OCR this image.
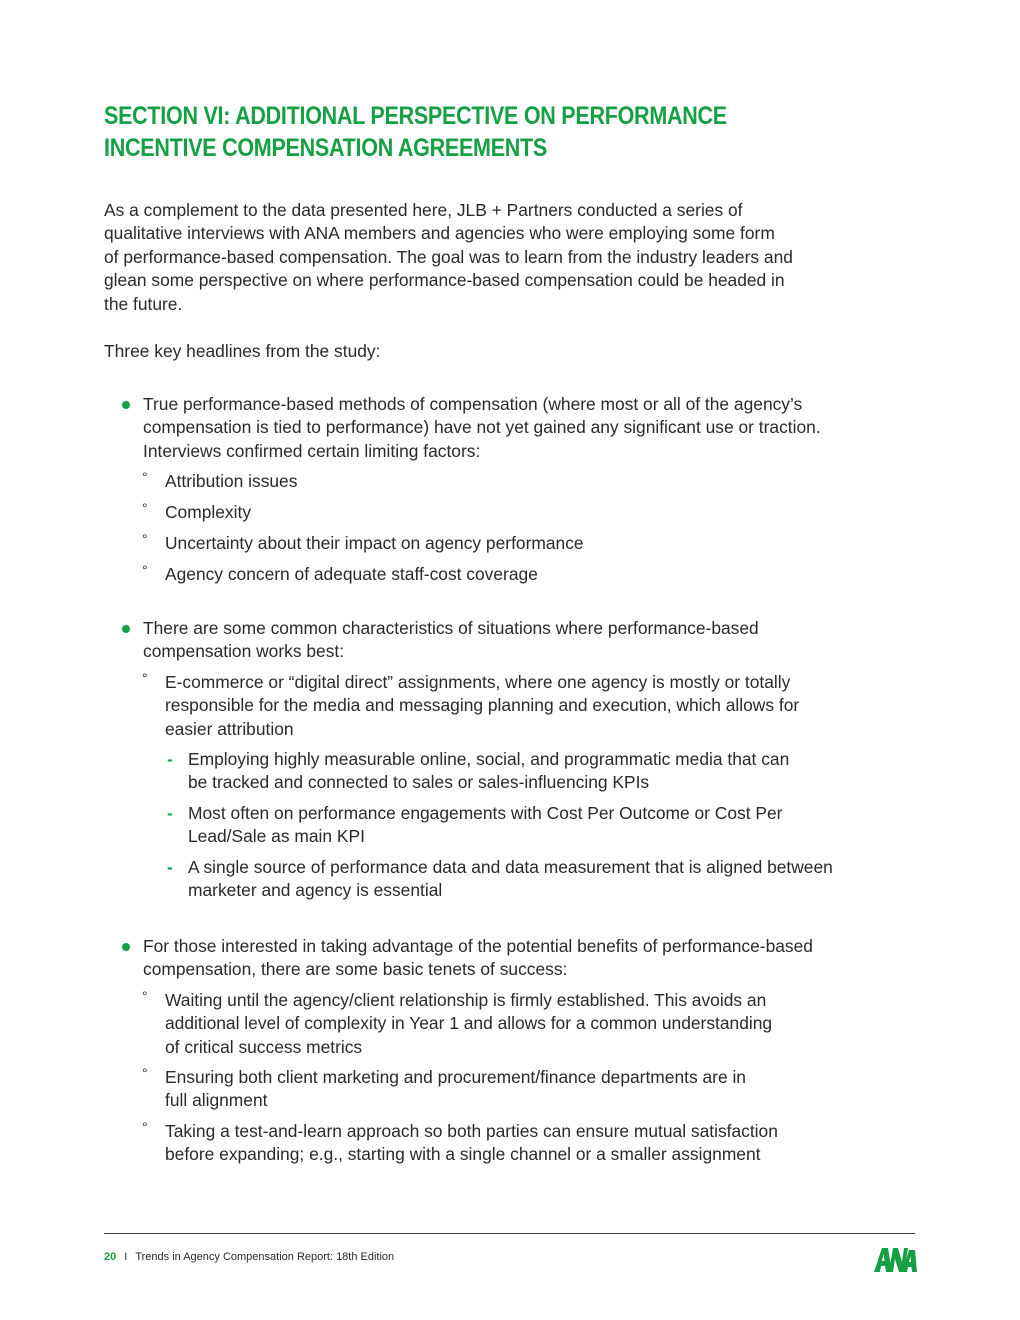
SECTION VI: ADDITIONAL PERSPECTIVE ON PERFORMANCE
INCENTIVE COMPENSATION AGREEMENTS
As a complement to the data presented here, JLB + Partners conducted a series of
qualitative interviews with ANA members and agencies who were employing some form
of performance-based compensation. The goal was to learn from the industry leaders and
glean some perspective on where performance-based compensation could be headed in
the future.
Three key headlines from the study:
True performance-based methods of compensation (where most or all of the agency’s
compensation is tied to performance) have not yet gained any significant use or traction.
Interviews confirmed certain limiting factors:
° Attribution issues
° Complexity
° Uncertainty about their impact on agency performance
° Agency concern of adequate staff-cost coverage
There are some common characteristics of situations where performance-based
compensation works best:
° E-commerce or “digital direct” assignments, where one agency is mostly or totally
responsible for the media and messaging planning and execution, which allows for
easier attribution
- Employing highly measurable online, social, and programmatic media that can
be tracked and connected to sales or sales-influencing KPIs
- Most often on performance engagements with Cost Per Outcome or Cost Per
Lead/Sale as main KPI
- A single source of performance data and data measurement that is aligned between
marketer and agency is essential
For those interested in taking advantage of the potential benefits of performance-based
compensation, there are some basic tenets of success:
° Waiting until the agency/client relationship is firmly established. This avoids an
additional level of complexity in Year 1 and allows for a common understanding
of critical success metrics
° Ensuring both client marketing and procurement/finance departments are in
full alignment
° Taking a test-and-learn approach so both parties can ensure mutual satisfaction
before expanding; e.g., starting with a single channel or a smaller assignment
20 I Trends in Agency Compensation Report: 18th Edition
